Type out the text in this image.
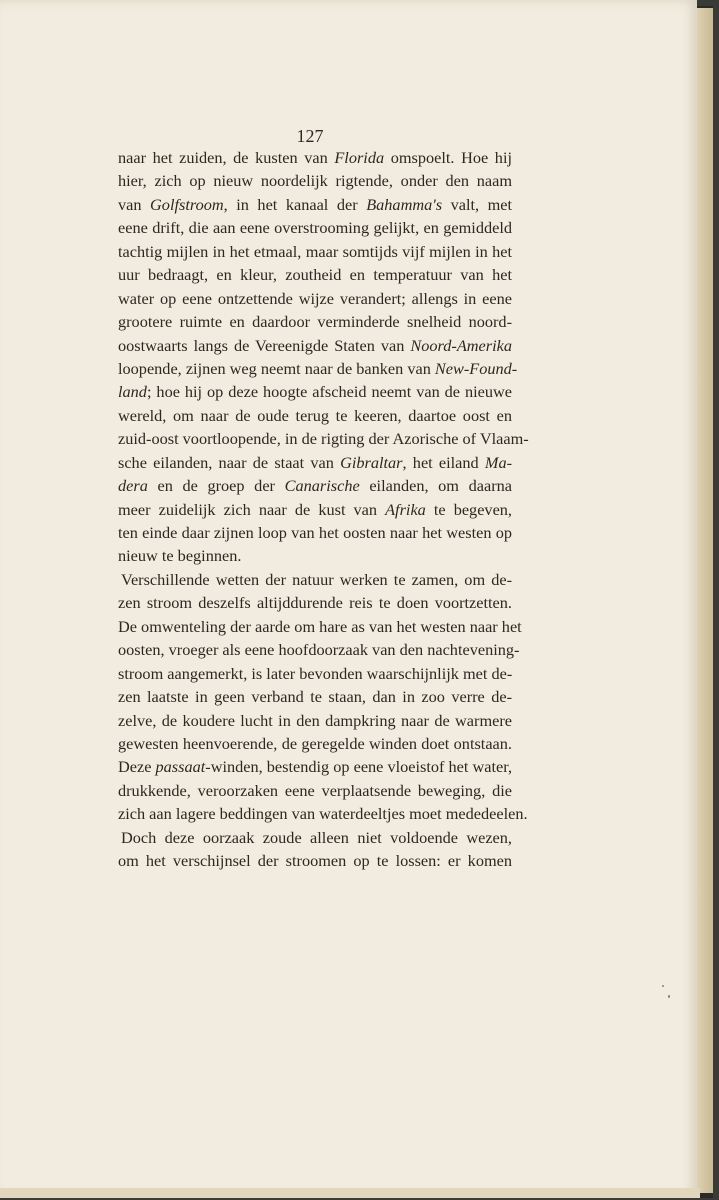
127

naar het zuiden, de kusten van Florida omspoelt. Hoe hij
hier, zich op nieuw noordelijk rigtende, onder den naam
van Golfstroom, in het kanaal der Bahamma's valt, met
eene drift, die aan eene overstrooming gelijkt, en gemiddeld
tachtig mijlen in het etmaal, maar somtijds vijf mijlen in het
uur bedraagt, en kleur, zoutheid en temperatuur van het
water op eene ontzettende wijze verandert; allengs in eene
grootere ruimte en daardoor verminderde snelheid noord-
oostwaarts langs de Vereenigde Staten van Noord-Amerika
loopende, zijnen weg neemt naar de banken van New-Found-
land; hoe hij op deze hoogte afscheid neemt van de nieuwe
wereld, om naar de oude terug te keeren, daartoe oost en
zuid-oost voortloopende, in de rigting der Azorische of Vlaam-
sche eilanden, naar de staat van Gibraltar, het eiland Ma-
dera en de groep der Canarische eilanden, om daarna
meer zuidelijk zich naar de kust van Afrika te begeven,
ten einde daar zijnen loop van het oosten naar het westen op
nieuw te beginnen.
Verschillende wetten der natuur werken te zamen, om de-
zen stroom deszelfs altijddurende reis te doen voortzetten.
De omwenteling der aarde om hare as van het westen naar het
oosten, vroeger als eene hoofdoorzaak van den nachtevening-
stroom aangemerkt, is later bevonden waarschijnlijk met de-
zen laatste in geen verband te staan, dan in zoo verre de-
zelve, de koudere lucht in den dampkring naar de warmere
gewesten heenvoerende, de geregelde winden doet ontstaan.
Deze passaat-winden, bestendig op eene vloeistof het water,
drukkende, veroorzaken eene verplaatsende beweging, die
zich aan lagere beddingen van waterdeeltjes moet mededeelen.
Doch deze oorzaak zoude alleen niet voldoende wezen,
om het verschijnsel der stroomen op te lossen: er komen
